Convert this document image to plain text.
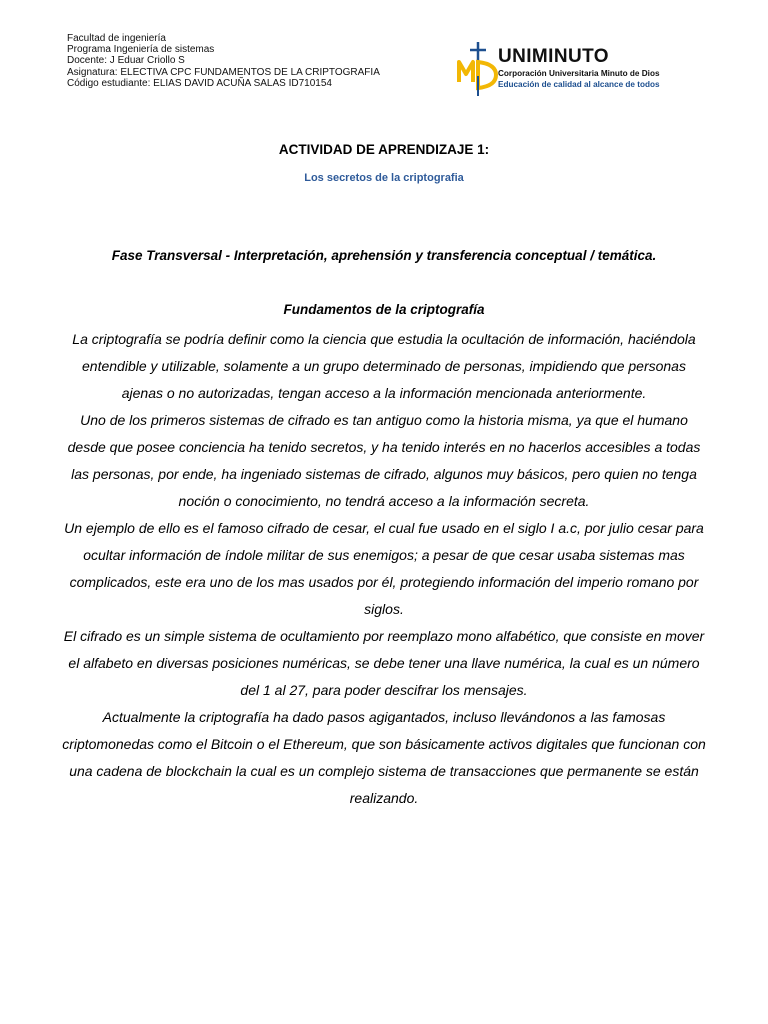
Facultad de ingeniería
Programa Ingeniería de sistemas
Docente: J Eduar Criollo S
Asignatura: ELECTIVA CPC FUNDAMENTOS DE LA CRIPTOGRAFIA
Código estudiante: ELIAS DAVID ACUÑA SALAS ID710154
UNIMINUTO
Corporación Universitaria Minuto de Dios
Educación de calidad al alcance de todos
ACTIVIDAD DE APRENDIZAJE 1:
Los secretos de la criptografia
Fase Transversal - Interpretación, aprehensión y transferencia conceptual / temática.
Fundamentos de la criptografía

La criptografía se podría definir como la ciencia que estudia la ocultación de información, haciéndola entendible y utilizable, solamente a un grupo determinado de personas, impidiendo que personas ajenas o no autorizadas, tengan acceso a la información mencionada anteriormente.

Uno de los primeros sistemas de cifrado es tan antiguo como la historia misma, ya que el humano desde que posee conciencia ha tenido secretos, y ha tenido interés en no hacerlos accesibles a todas las personas, por ende, ha ingeniado sistemas de cifrado, algunos muy básicos, pero quien no tenga noción o conocimiento, no tendrá acceso a la información secreta.

Un ejemplo de ello es el famoso cifrado de cesar, el cual fue usado en el siglo I a.c, por julio cesar para ocultar información de índole militar de sus enemigos; a pesar de que cesar usaba sistemas mas complicados, este era uno de los mas usados por él, protegiendo información del imperio romano por siglos.

El cifrado es un simple sistema de ocultamiento por reemplazo mono alfabético, que consiste en mover el alfabeto en diversas posiciones numéricas, se debe tener una llave numérica, la cual es un número del 1 al 27, para poder descifrar los mensajes.

Actualmente la criptografía ha dado pasos agigantados, incluso llevándonos a las famosas criptomonedas como el Bitcoin o el Ethereum, que son básicamente activos digitales que funcionan con una cadena de blockchain la cual es un complejo sistema de transacciones que permanente se están realizando.
